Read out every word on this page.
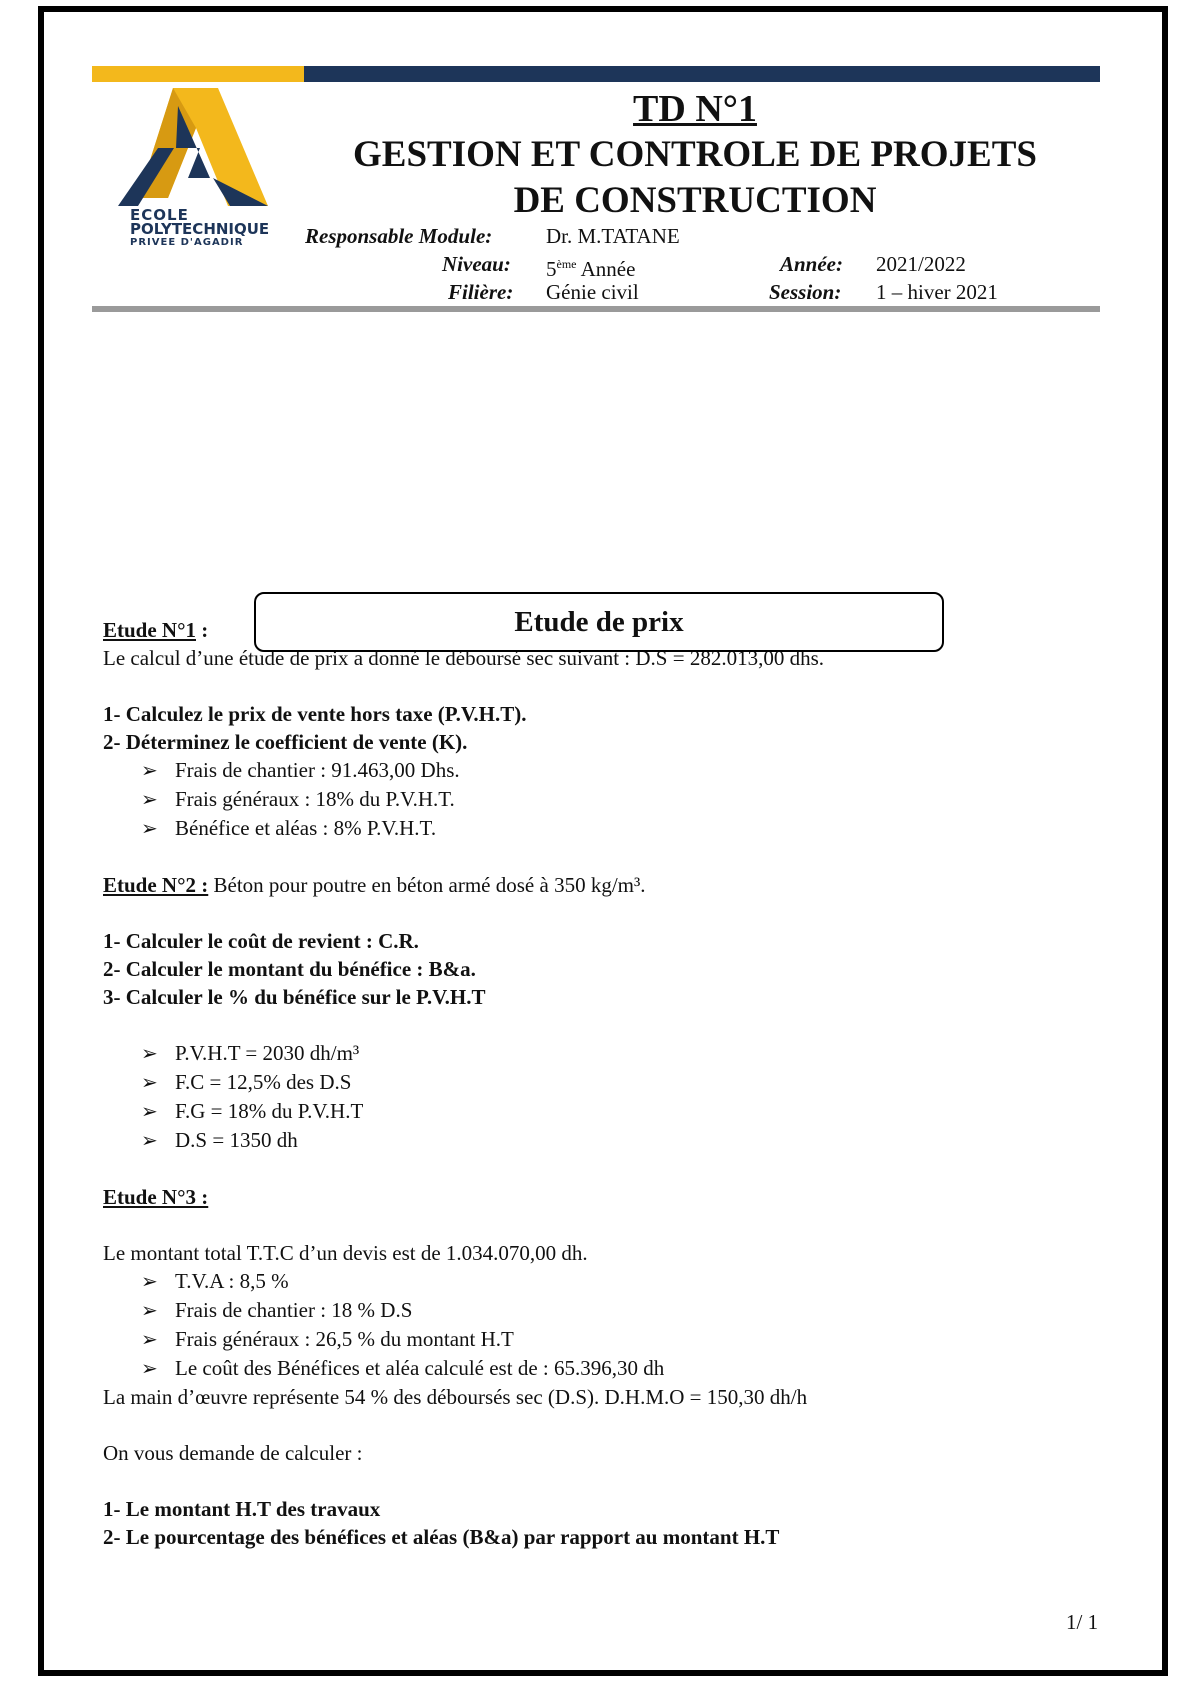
ECOLE
POLYTECHNIQUE
PRIVEE D'AGADIR
TD N°1
GESTION ET CONTROLE DE PROJETS
DE CONSTRUCTION
Responsable Module:	Dr. M.TATANE
Niveau: 5ème Année	Année: 2021/2022
Filière: Génie civil	Session: 1 – hiver 2021

Etude N°1 :

Le calcul d’une étude de prix a donné le déboursé sec suivant : D.S = 282.013,00 dhs.

1- Calculez le prix de vente hors taxe (P.V.H.T).

2- Déterminez le coefficient de vente (K).

➢ Frais de chantier : 91.463,00 Dhs.

➢ Frais généraux : 18% du P.V.H.T.

➢ Bénéfice et aléas : 8% P.V.H.T.

Etude N°2 : Béton pour poutre en béton armé dosé à 350 kg/m³.

1- Calculer le coût de revient : C.R.

2- Calculer le montant du bénéfice : B&a.

3- Calculer le % du bénéfice sur le P.V.H.T

➢ P.V.H.T = 2030 dh/m³

➢ F.C = 12,5% des D.S

➢ F.G = 18% du P.V.H.T

➢ D.S = 1350 dh

Etude N°3 :

Le montant total T.T.C d’un devis est de 1.034.070,00 dh.

➢ T.V.A : 8,5 %

➢ Frais de chantier : 18 % D.S

➢ Frais généraux : 26,5 % du montant H.T

➢ Le coût des Bénéfices et aléa calculé est de : 65.396,30 dh

La main d’œuvre représente 54 % des déboursés sec (D.S). D.H.M.O = 150,30 dh/h

On vous demande de calculer :

1- Le montant H.T des travaux

2- Le pourcentage des bénéfices et aléas (B&a) par rapport au montant H.T

Etude de prix
1/ 1
